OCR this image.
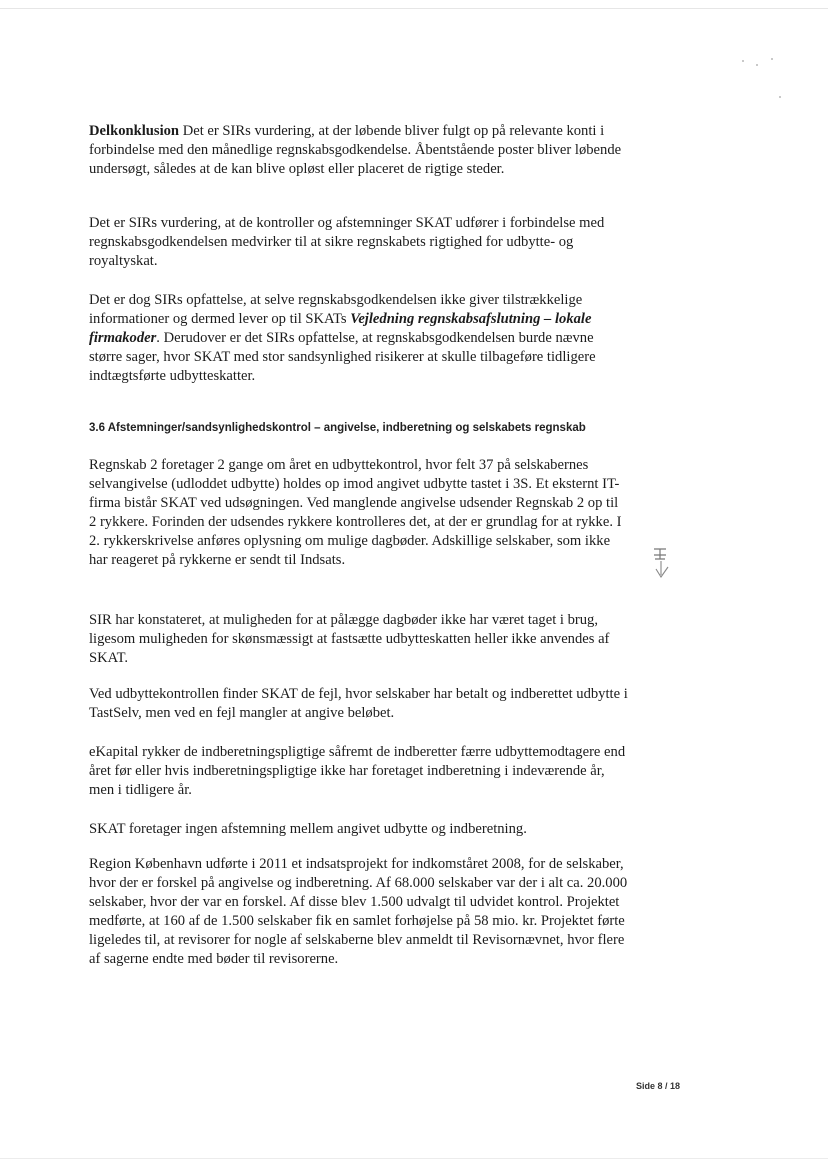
Delkonklusion Det er SIRs vurdering, at der løbende bliver fulgt op på relevante konti i forbindelse med den månedlige regnskabsgodkendelse. Åbentstående poster bliver løbende undersøgt, således at de kan blive opløst eller placeret de rigtige steder.

Det er SIRs vurdering, at de kontroller og afstemninger SKAT udfører i forbindelse med regnskabsgodkendelsen medvirker til at sikre regnskabets rigtighed for udbytte- og royaltyskat.

Det er dog SIRs opfattelse, at selve regnskabsgodkendelsen ikke giver tilstrækkelige informationer og dermed lever op til SKATs Vejledning regnskabsafslutning – lokale firmakoder. Derudover er det SIRs opfattelse, at regnskabsgodkendelsen burde nævne større sager, hvor SKAT med stor sandsynlighed risikerer at skulle tilbageføre tidligere indtægtsførte udbytteskatter.

3.6 Afstemninger/sandsynlighedskontrol – angivelse, indberetning og selskabets regnskab

Regnskab 2 foretager 2 gange om året en udbyttekontrol, hvor felt 37 på selskabernes selvangivelse (udloddet udbytte) holdes op imod angivet udbytte tastet i 3S. Et eksternt IT-firma bistår SKAT ved udsøgningen. Ved manglende angivelse udsender Regnskab 2 op til 2 rykkere. Forinden der udsendes rykkere kontrolleres det, at der er grundlag for at rykke. I 2. rykkerskrivelse anføres oplysning om mulige dagbøder. Adskillige selskaber, som ikke har reageret på rykkerne er sendt til Indsats.

SIR har konstateret, at muligheden for at pålægge dagbøder ikke har været taget i brug, ligesom muligheden for skønsmæssigt at fastsætte udbytteskatten heller ikke anvendes af SKAT.

Ved udbyttekontrollen finder SKAT de fejl, hvor selskaber har betalt og indberettet udbytte i TastSelv, men ved en fejl mangler at angive beløbet.

eKapital rykker de indberetningspligtige såfremt de indberetter færre udbyttemodtagere end året før eller hvis indberetningspligtige ikke har foretaget indberetning i indeværende år, men i tidligere år.

SKAT foretager ingen afstemning mellem angivet udbytte og indberetning.

Region København udførte i 2011 et indsatsprojekt for indkomståret 2008, for de selskaber, hvor der er forskel på angivelse og indberetning. Af 68.000 selskaber var der i alt ca. 20.000 selskaber, hvor der var en forskel. Af disse blev 1.500 udvalgt til udvidet kontrol. Projektet medførte, at 160 af de 1.500 selskaber fik en samlet forhøjelse på 58 mio. kr. Projektet førte ligeledes til, at revisorer for nogle af selskaberne blev anmeldt til Revisornævnet, hvor flere af sagerne endte med bøder til revisorerne.

Side 8 / 18
